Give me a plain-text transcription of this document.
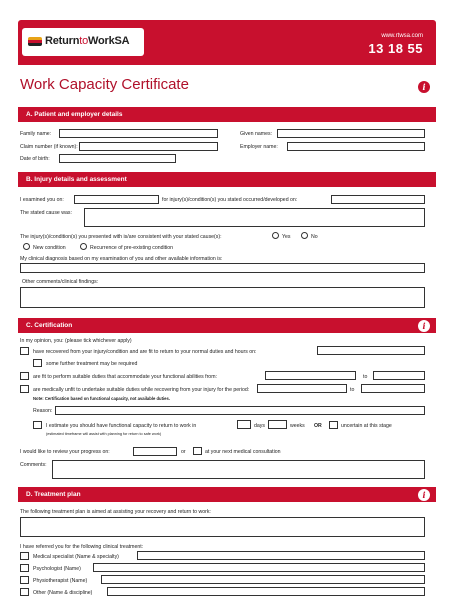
ReturntoWorkSA	www.rtwsa.com
13 18 55
Work Capacity Certificate	i
A. Patient and employer details
Family name:
Claim number (if known):
Date of birth:
Given names:
Employer name:
B. Injury details and assessment
I examined you on:	for injury(s)/condition(s) you stated occurred/developed on:
The stated cause was:
The injury(s)/condition(s) you presented with is/are consistent with your stated cause(s):	Yes	No
New condition	Recurrence of pre-existing condition
My clinical diagnosis based on my examination of you and other available information is:
Other comments/clinical findings:
C. Certification	i
In my opinion, you: (please tick whichever apply)
have recovered from your injury/condition and are fit to return to your normal duties and hours on:
some further treatment may be required
are fit to perform suitable duties that accommodate your functional abilities from:	to
are medically unfit to undertake suitable duties while recovering from your injury for the period:	to
Note: Certification based on functional capacity, not available duties.
Reason:
I estimate you should have functional capacity to return to work in	days	weeks OR	uncertain at this stage
(estimated timeframe will assist with planning for return to safe work)
I would like to review your progress on:	or	at your next medical consultation
Comments:
D. Treatment plan	i
The following treatment plan is aimed at assisting your recovery and return to work:
I have referred you for the following clinical treatment:
Medical specialist (Name & specialty)
Psychologist (Name)
Physiotherapist (Name)
Other (Name & discipline)
